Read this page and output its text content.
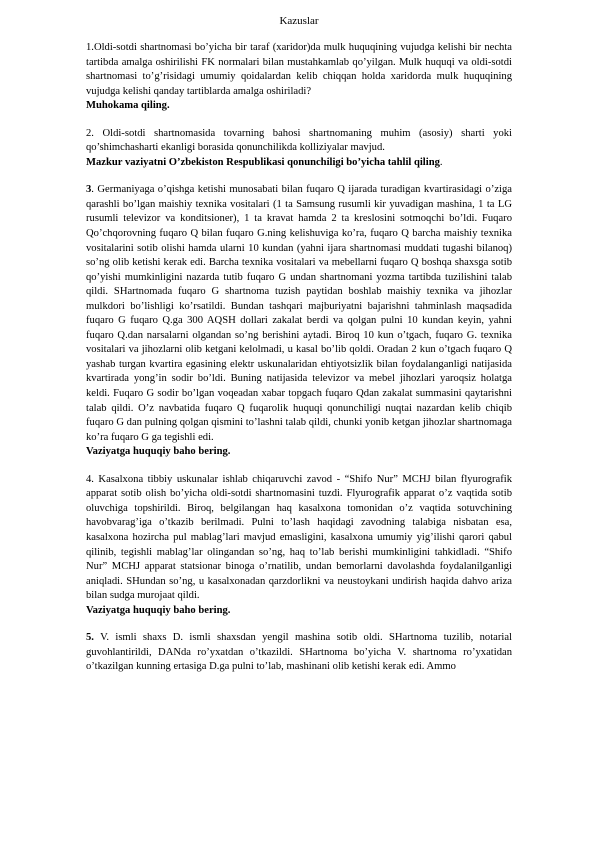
Kazuslar

1.Oldi-sotdi shartnomasi bo’yicha bir taraf (xaridor)da mulk huquqining vujudga kelishi bir nechta tartibda amalga oshirilishi FK normalari bilan mustahkamlab qo’yilgan. Mulk huquqi va oldi-sotdi shartnomasi to’g’risidagi umumiy qoidalardan kelib chiqqan holda xaridorda mulk huquqining vujudga kelishi qanday tartiblarda amalga oshiriladi?

Muhokama qiling.

2. Oldi-sotdi shartnomasida tovarning bahosi shartnomaning muhim (asosiy) sharti yoki qo’shimchasharti ekanligi borasida qonunchilikda kolliziyalar mavjud.

Mazkur vaziyatni O’zbekiston Respublikasi qonunchiligi bo’yicha tahlil qiling.

3. Germaniyaga o’qishga ketishi munosabati bilan fuqaro Q ijarada turadigan kvartirasidagi o’ziga qarashli bo’lgan maishiy texnika vositalari (1 ta Samsung rusumli kir yuvadigan mashina, 1 ta LG rusumli televizor va konditsioner), 1 ta kravat hamda 2 ta kreslosini sotmoqchi bo’ldi. Fuqaro Qo’chqorovning fuqaro Q bilan fuqaro G.ning kelishuviga ko’ra, fuqaro Q barcha maishiy texnika vositalarini sotib olishi hamda ularni 10 kundan (yahni ijara shartnomasi muddati tugashi bilanoq) so’ng olib ketishi kerak edi. Barcha texnika vositalari va mebellarni fuqaro Q boshqa shaxsga sotib qo’yishi mumkinligini nazarda tutib fuqaro G undan shartnomani yozma tartibda tuzilishini talab qildi. SHartnomada fuqaro G shartnoma tuzish paytidan boshlab maishiy texnika va jihozlar mulkdori bo’lishligi ko’rsatildi. Bundan tashqari majburiyatni bajarishni tahminlash maqsadida fuqaro G fuqaro Q.ga 300 AQSH dollari zakalat berdi va qolgan pulni 10 kundan keyin, yahni fuqaro Q.dan narsalarni olgandan so’ng berishini aytadi. Biroq 10 kun o’tgach, fuqaro G. texnika vositalari va jihozlarni olib ketgani kelolmadi, u kasal bo’lib qoldi. Oradan 2 kun o’tgach fuqaro Q yashab turgan kvartira egasining elektr uskunalaridan ehtiyotsizlik bilan foydalanganligi natijasida kvartirada yong’in sodir bo’ldi. Buning natijasida televizor va mebel jihozlari yaroqsiz holatga keldi. Fuqaro G sodir bo’lgan voqeadan xabar topgach fuqaro Qdan zakalat summasini qaytarishni talab qildi. O’z navbatida fuqaro Q fuqarolik huquqi qonunchiligi nuqtai nazardan kelib chiqib fuqaro G dan pulning qolgan qismini to’lashni talab qildi, chunki yonib ketgan jihozlar shartnomaga ko’ra fuqaro G ga tegishli edi.

Vaziyatga huquqiy baho bering.

4. Kasalxona tibbiy uskunalar ishlab chiqaruvchi zavod - “Shifo Nur” MCHJ bilan flyurografik apparat sotib olish bo’yicha oldi-sotdi shartnomasini tuzdi. Flyurografik apparat o’z vaqtida sotib oluvchiga topshirildi. Biroq, belgilangan haq kasalxona tomonidan o’z vaqtida sotuvchining havobvarag’iga o’tkazib berilmadi. Pulni to’lash haqidagi zavodning talabiga nisbatan esa, kasalxona hozircha pul mablag’lari mavjud emasligini, kasalxona umumiy yig’ilishi qarori qabul qilinib, tegishli mablag’lar olingandan so’ng, haq to’lab berishi mumkinligini tahkidladi. “Shifo Nur” MCHJ apparat statsionar binoga o’rnatilib, undan bemorlarni davolashda foydalanilganligi aniqladi. SHundan so’ng, u kasalxonadan qarzdorlikni va neustoykani undirish haqida dahvo ariza bilan sudga murojaat qildi.

Vaziyatga huquqiy baho bering.

5. V. ismli shaxs D. ismli shaxsdan yengil mashina sotib oldi. SHartnoma tuzilib, notarial guvohlantirildi, DANda ro’yxatdan o’tkazildi. SHartnoma bo’yicha V. shartnoma ro’yxatidan o’tkazilgan kunning ertasiga D.ga pulni to’lab, mashinani olib ketishi kerak edi. Ammo
